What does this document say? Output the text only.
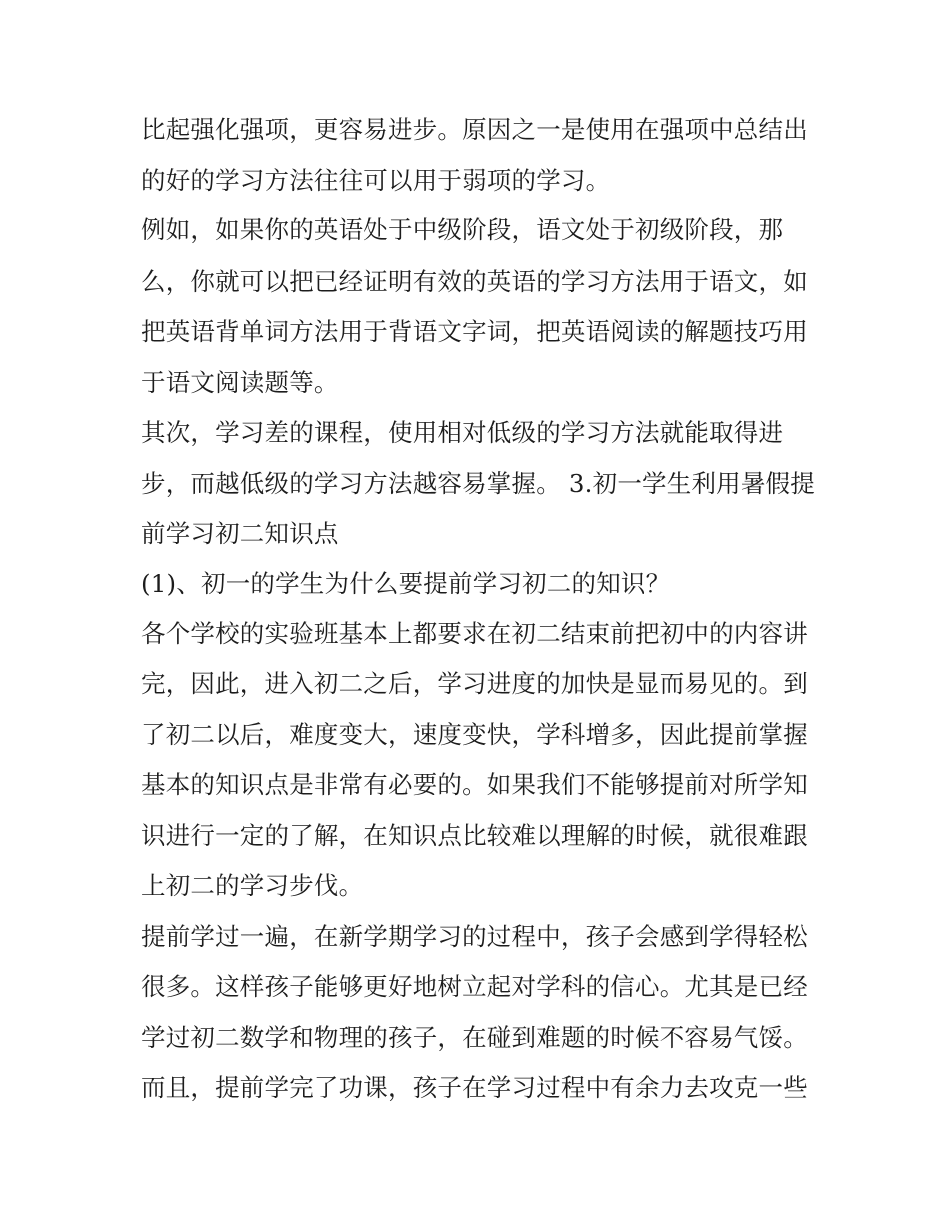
比起强化强项，更容易进步。原因之一是使用在强项中总结出
的好的学习方法往往可以用于弱项的学习。
例如，如果你的英语处于中级阶段，语文处于初级阶段，那
么，你就可以把已经证明有效的英语的学习方法用于语文，如
把英语背单词方法用于背语文字词，把英语阅读的解题技巧用
于语文阅读题等。
其次，学习差的课程，使用相对低级的学习方法就能取得进
步，而越低级的学习方法越容易掌握。 3.初一学生利用暑假提
前学习初二知识点
(1)、初一的学生为什么要提前学习初二的知识？
各个学校的实验班基本上都要求在初二结束前把初中的内容讲
完，因此，进入初二之后，学习进度的加快是显而易见的。到
了初二以后，难度变大，速度变快，学科增多，因此提前掌握
基本的知识点是非常有必要的。如果我们不能够提前对所学知
识进行一定的了解，在知识点比较难以理解的时候，就很难跟
上初二的学习步伐。
提前学过一遍，在新学期学习的过程中，孩子会感到学得轻松
很多。这样孩子能够更好地树立起对学科的信心。尤其是已经
学过初二数学和物理的孩子，在碰到难题的时候不容易气馁。
而且，提前学完了功课，孩子在学习过程中有余力去攻克一些
